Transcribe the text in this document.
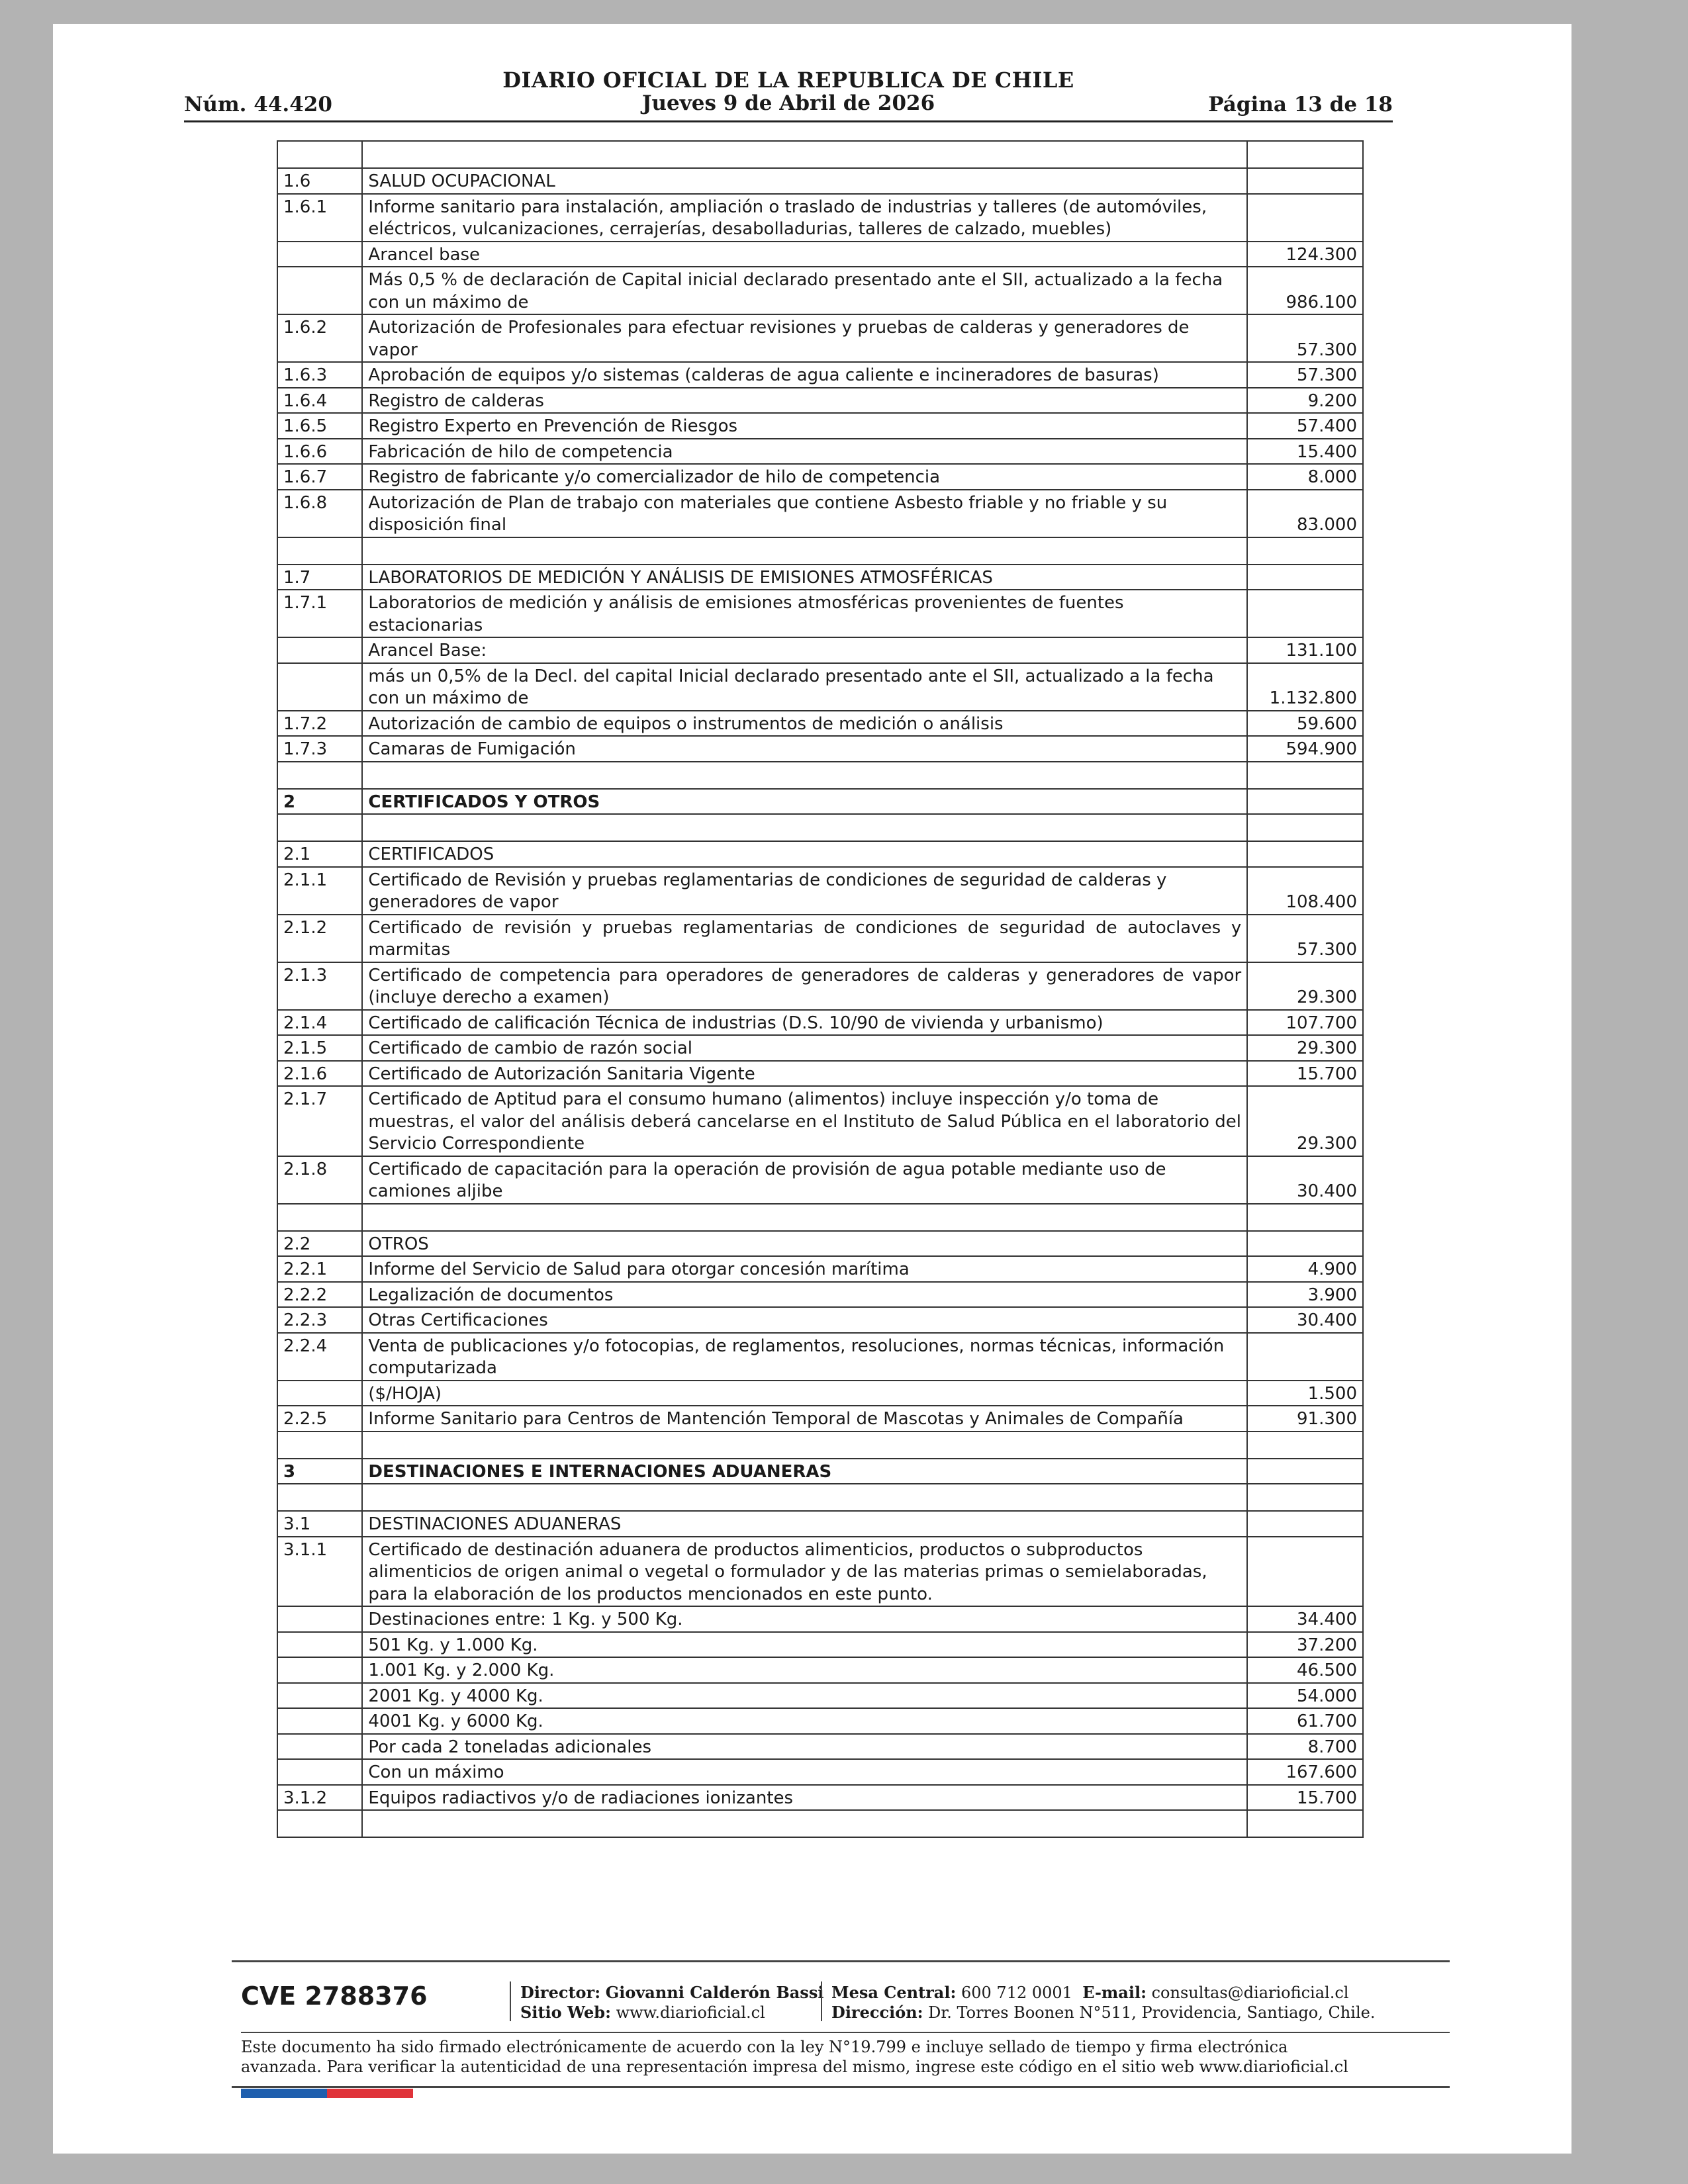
DIARIO OFICIAL DE LA REPUBLICA DE CHILE
Núm. 44.420	Jueves 9 de Abril de 2026	Página 13 de 18

1.6	SALUD OCUPACIONAL	
1.6.1	Informe sanitario para instalación, ampliación o traslado de industrias y talleres (de automóviles, eléctricos, vulcanizaciones, cerrajerías, desabolladurias, talleres de calzado, muebles)	
	Arancel base	124.300
	Más 0,5 % de declaración de Capital inicial declarado presentado ante el SII, actualizado a la fecha con un máximo de	986.100
1.6.2	Autorización de Profesionales para efectuar revisiones y pruebas de calderas y generadores de vapor	57.300
1.6.3	Aprobación de equipos y/o sistemas (calderas de agua caliente e incineradores de basuras)	57.300
1.6.4	Registro de calderas	9.200
1.6.5	Registro Experto en Prevención de Riesgos	57.400
1.6.6	Fabricación de hilo de competencia	15.400
1.6.7	Registro de fabricante y/o comercializador de hilo de competencia	8.000
1.6.8	Autorización de Plan de trabajo con materiales que contiene Asbesto friable y no friable y su disposición final	83.000

1.7	LABORATORIOS DE MEDICIÓN Y ANÁLISIS DE EMISIONES ATMOSFÉRICAS	
1.7.1	Laboratorios de medición y análisis de emisiones atmosféricas provenientes de fuentes estacionarias	
	Arancel Base:	131.100
	más un 0,5% de la Decl. del capital Inicial declarado presentado ante el SII, actualizado a la fecha con un máximo de	1.132.800
1.7.2	Autorización de cambio de equipos o instrumentos de medición o análisis	59.600
1.7.3	Camaras de Fumigación	594.900

2	CERTIFICADOS Y OTROS	

2.1	CERTIFICADOS	
2.1.1	Certificado de Revisión y pruebas reglamentarias de condiciones de seguridad de calderas y generadores de vapor	108.400
2.1.2	Certificado de revisión y pruebas reglamentarias de condiciones de seguridad de autoclaves y marmitas	57.300
2.1.3	Certificado de competencia para operadores de generadores de calderas y generadores de vapor (incluye derecho a examen)	29.300
2.1.4	Certificado de calificación Técnica de industrias (D.S. 10/90 de vivienda y urbanismo)	107.700
2.1.5	Certificado de cambio de razón social	29.300
2.1.6	Certificado de Autorización Sanitaria Vigente	15.700
2.1.7	Certificado de Aptitud para el consumo humano (alimentos) incluye inspección y/o toma de muestras, el valor del análisis deberá cancelarse en el Instituto de Salud Pública en el laboratorio del Servicio Correspondiente	29.300
2.1.8	Certificado de capacitación para la operación de provisión de agua potable mediante uso de camiones aljibe	30.400

2.2	OTROS	
2.2.1	Informe del Servicio de Salud para otorgar concesión marítima	4.900
2.2.2	Legalización de documentos	3.900
2.2.3	Otras Certificaciones	30.400
2.2.4	Venta de publicaciones y/o fotocopias, de reglamentos, resoluciones, normas técnicas, información computarizada	
	($/HOJA)	1.500
2.2.5	Informe Sanitario para Centros de Mantención Temporal de Mascotas y Animales de Compañía	91.300

3	DESTINACIONES E INTERNACIONES ADUANERAS	

3.1	DESTINACIONES ADUANERAS	
3.1.1	Certificado de destinación aduanera de productos alimenticios, productos o subproductos alimenticios de origen animal o vegetal o formulador y de las materias primas o semielaboradas, para la elaboración de los productos mencionados en este punto.	
	Destinaciones entre: 1 Kg. y 500 Kg.	34.400
	501 Kg. y 1.000 Kg.	37.200
	1.001 Kg. y 2.000 Kg.	46.500
	2001 Kg. y 4000 Kg.	54.000
	4001 Kg. y 6000 Kg.	61.700
	Por cada 2 toneladas adicionales	8.700
	Con un máximo	167.600
3.1.2	Equipos radiactivos y/o de radiaciones ionizantes	15.700

CVE 2788376	Director: Giovanni Calderón Bassi
Sitio Web: www.diarioficial.cl
Mesa Central: 600 712 0001 E-mail: consultas@diarioficial.cl
Dirección: Dr. Torres Boonen N°511, Providencia, Santiago, Chile.
Este documento ha sido firmado electrónicamente de acuerdo con la ley N°19.799 e incluye sellado de tiempo y firma electrónica
avanzada. Para verificar la autenticidad de una representación impresa del mismo, ingrese este código en el sitio web www.diarioficial.cl
